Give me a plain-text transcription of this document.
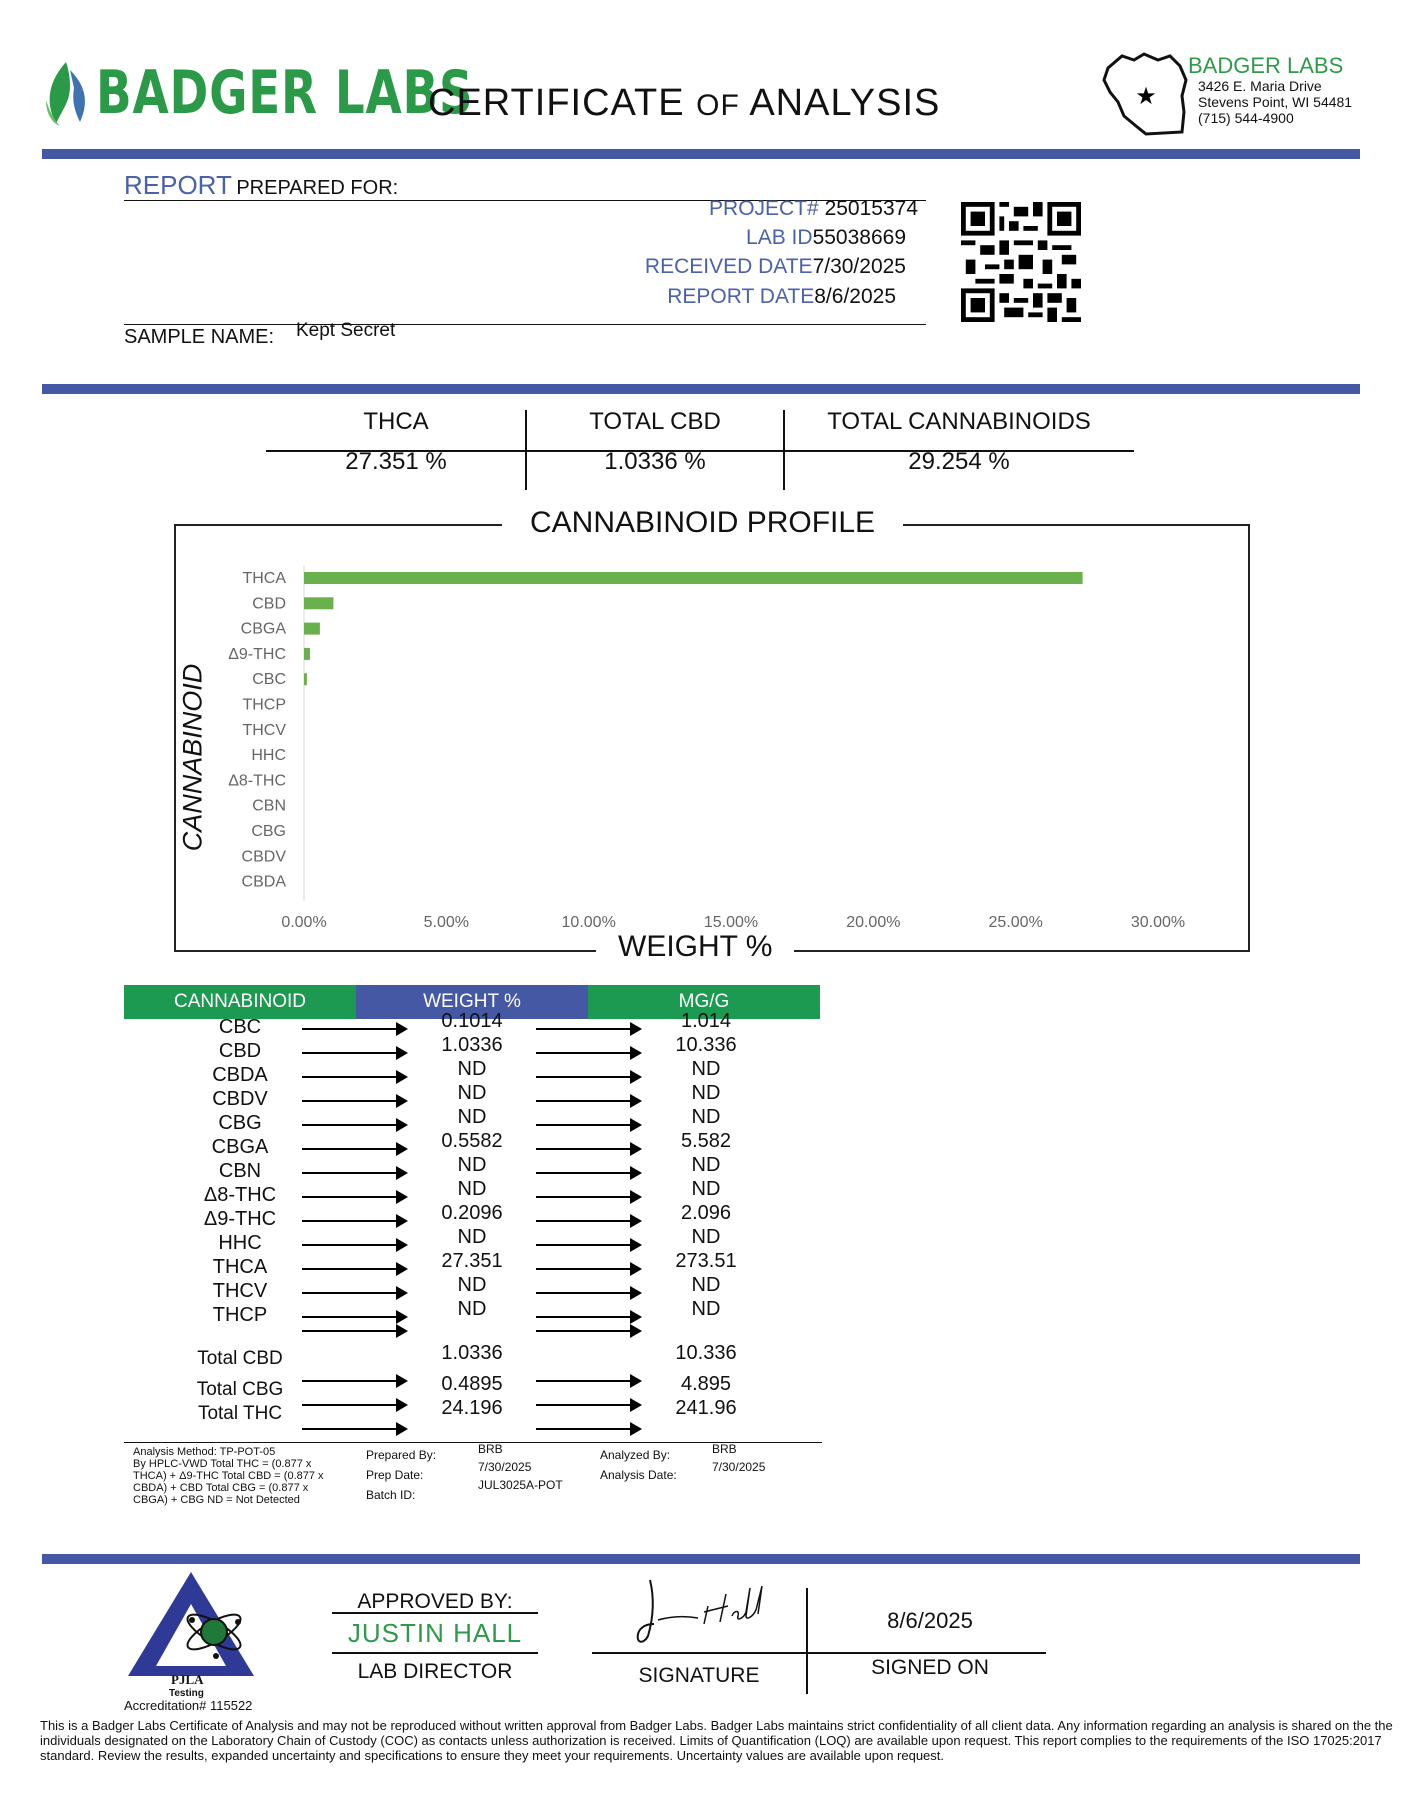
BADGER LABS
CERTIFICATE OF ANALYSIS	★
BADGER LABS
3426 E. Maria Drive
Stevens Point, WI 54481
(715) 544-4900
REPORT PREPARED FOR:
PROJECT# 25015374
LAB ID55038669
RECEIVED DATE7/30/2025
REPORT DATE8/6/2025
SAMPLE NAME: Kept Secret
THCA	TOTAL CBD	TOTAL CANNABINOIDS
27.351 %	1.0336 %	29.254 %
CANNABINOID PROFILE
WEIGHT %
CANNABINOID
THCA
CBD
CBGA
Δ9-THC
CBC
THCP
THCV
HHC
Δ8-THC
CBN
CBG
CBDV
CBDA
0.00%	5.00%	10.00%	15.00%	20.00%	25.00%	30.00%
CANNABINOID	WEIGHT %	MG/G
CBC	0.1014	1.014
CBD	1.0336	10.336
CBDA	ND	ND
CBDV	ND	ND
CBG	ND	ND
CBGA	0.5582	5.582
CBN	ND	ND
Δ8-THC	ND	ND
Δ9-THC	0.2096	2.096
HHC	ND	ND
THCA	27.351	273.51
THCV	ND	ND
THCP	ND	ND
Total CBD	1.0336	10.336
Total CBG	0.4895	4.895
Total THC	24.196	241.96
Analysis Method: TP-POT-05
By HPLC-VWD Total THC = (0.877 x
THCA) + Δ9-THC Total CBD = (0.877 x
CBDA) + CBD Total CBG = (0.877 x
CBGA) + CBG ND = Not Detected
Prepared By:
Prep Date:
Batch ID:
BRB
7/30/2025
JUL3025A-POT
Analyzed By:
Analysis Date:
BRB
7/30/2025
PJLA
Testing
Accreditation# 115522
APPROVED BY:
JUSTIN HALL
LAB DIRECTOR	SIGNATURE
8/6/2025
SIGNED ON
This is a Badger Labs Certificate of Analysis and may not be reproduced without written approval from Badger Labs. Badger Labs maintains strict confidentiality of all client data. Any information regarding an analysis is shared on the the individuals designated on the Laboratory Chain of Custody (COC) as contacts unless authorization is received. Limits of Quantification (LOQ) are available upon request. This report complies to the requirements of the ISO 17025:2017 standard. Review the results, expanded uncertainty and specifications to ensure they meet your requirements. Uncertainty values are available upon request.
